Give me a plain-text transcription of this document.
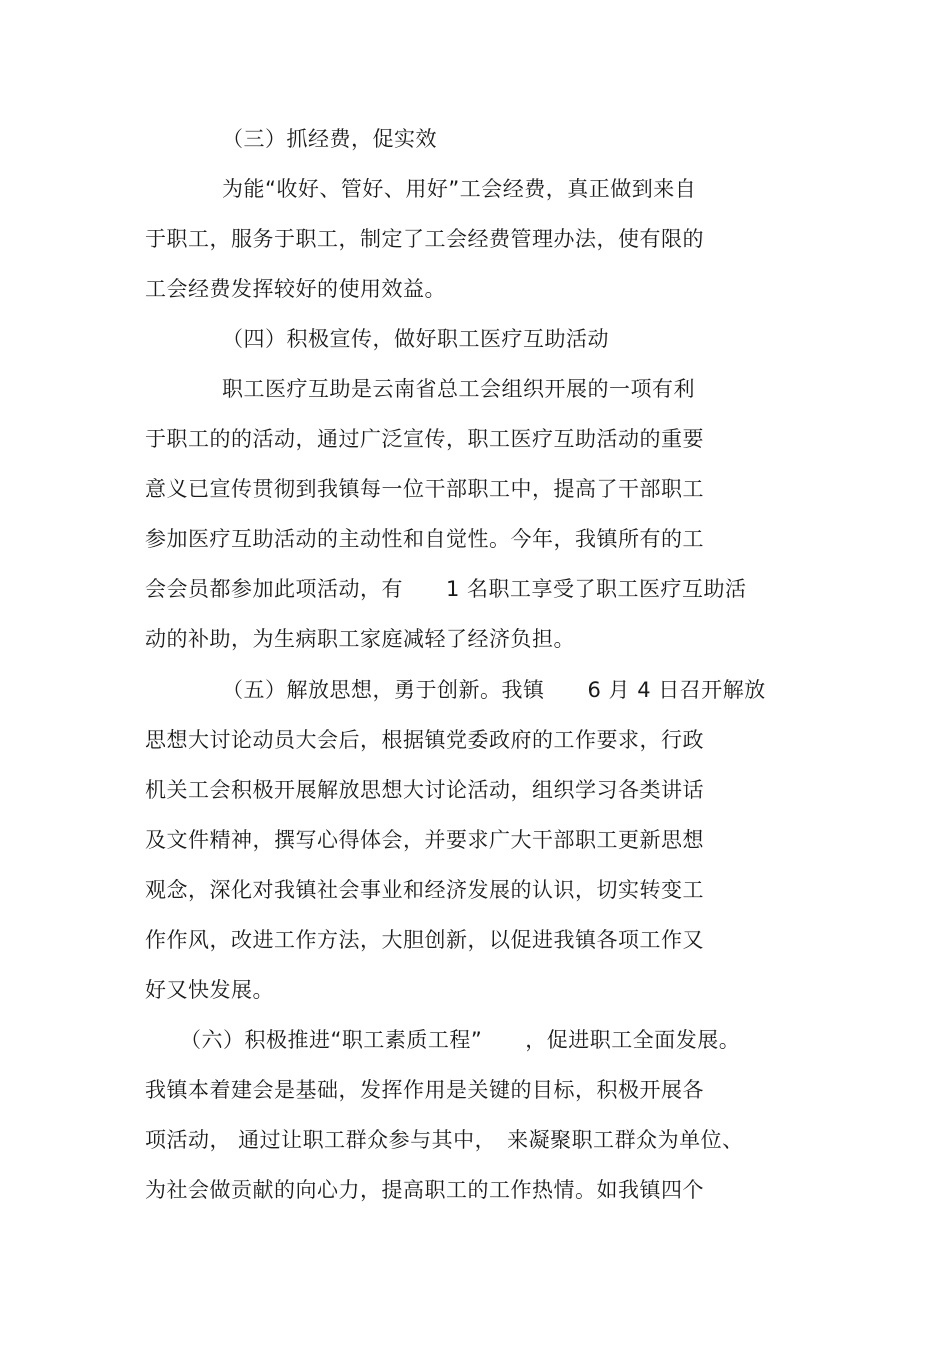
（三）抓经费，促实效
为能“收好、管好、用好”工会经费，真正做到来自
于职工，服务于职工，制定了工会经费管理办法，使有限的
工会经费发挥较好的使用效益。
（四）积极宣传，做好职工医疗互助活动
职工医疗互助是云南省总工会组织开展的一项有利
于职工的的活动，通过广泛宣传，职工医疗互助活动的重要
意义已宣传贯彻到我镇每一位干部职工中，提高了干部职工
参加医疗互助活动的主动性和自觉性。今年，我镇所有的工
会会员都参加此项活动，有　　1 名职工享受了职工医疗互助活
动的补助，为生病职工家庭减轻了经济负担。
（五）解放思想，勇于创新。我镇　　6 月 4 日召开解放
思想大讨论动员大会后，根据镇党委政府的工作要求，行政
机关工会积极开展解放思想大讨论活动，组织学习各类讲话
及文件精神，撰写心得体会，并要求广大干部职工更新思想
观念，深化对我镇社会事业和经济发展的认识，切实转变工
作作风，改进工作方法，大胆创新，以促进我镇各项工作又
好又快发展。
（六）积极推进“职工素质工程”　　，促进职工全面发展。
我镇本着建会是基础，发挥作用是关键的目标，积极开展各
项活动， 通过让职工群众参与其中，　来凝聚职工群众为单位、
为社会做贡献的向心力，提高职工的工作热情。如我镇四个
